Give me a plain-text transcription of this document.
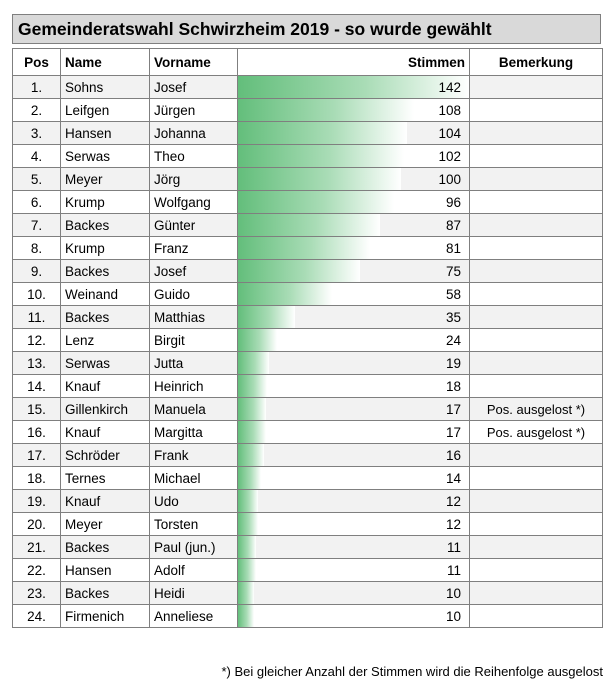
Gemeinderatswahl Schwirzheim 2019 - so wurde gewählt
Pos	Name	Vorname	Stimmen	Bemerkung
1.	Sohns	Josef	142	
2.	Leifgen	Jürgen	108	
3.	Hansen	Johanna	104	
4.	Serwas	Theo	102	
5.	Meyer	Jörg	100	
6.	Krump	Wolfgang	96	
7.	Backes	Günter	87	
8.	Krump	Franz	81	
9.	Backes	Josef	75	
10.	Weinand	Guido	58	
11.	Backes	Matthias	35	
12.	Lenz	Birgit	24	
13.	Serwas	Jutta	19	
14.	Knauf	Heinrich	18	
15.	Gillenkirch	Manuela	17	Pos. ausgelost *)
16.	Knauf	Margitta	17	Pos. ausgelost *)
17.	Schröder	Frank	16	
18.	Ternes	Michael	14	
19.	Knauf	Udo	12	
20.	Meyer	Torsten	12	
21.	Backes	Paul (jun.)	11	
22.	Hansen	Adolf	11	
23.	Backes	Heidi	10	
24.	Firmenich	Anneliese	10	
*) Bei gleicher Anzahl der Stimmen wird die Reihenfolge ausgelost
